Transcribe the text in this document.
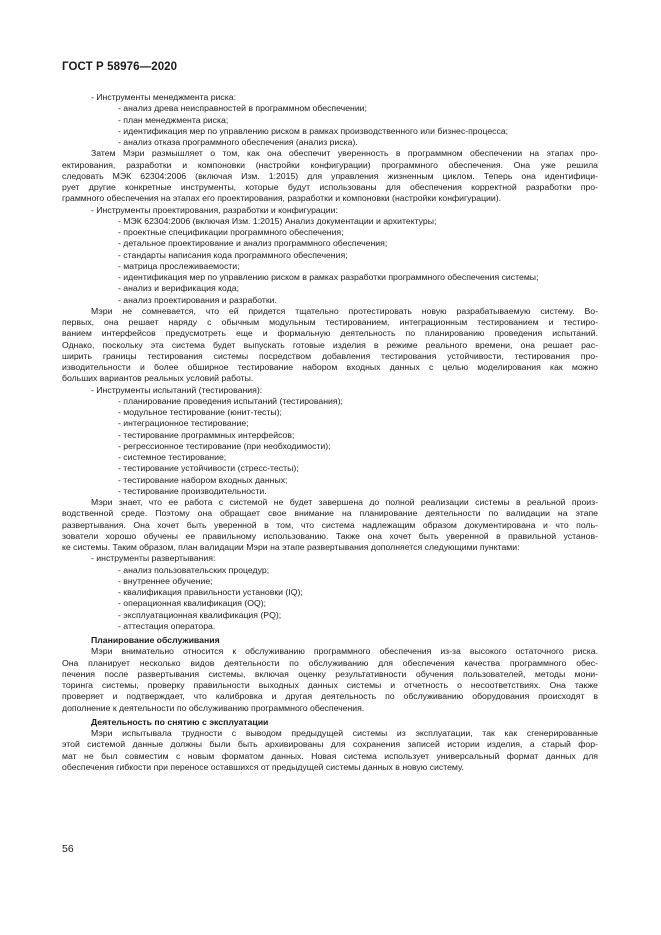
ГОСТ Р 58976—2020
- Инструменты менеджмента риска:
- анализ древа неисправностей в программном обеспечении;
- план менеджмента риска;
- идентификация мер по управлению риском в рамках производственного или бизнес-процесса;
- анализ отказа программного обеспечения (анализ риска).
Затем Мэри размышляет о том, как она обеспечит уверенность в программном обеспечении на этапах про-
ектирования, разработки и компоновки (настройки конфигурации) программного обеспечения. Она уже решила
следовать МЭК 62304:2006 (включая Изм. 1:2015) для управления жизненным циклом. Теперь она идентифици-
рует другие конкретные инструменты, которые будут использованы для обеспечения корректной разработки про-
граммного обеспечения на этапах его проектирования, разработки и компоновки (настройки конфигурации).
- Инструменты проектирования, разработки и конфигурации:
- МЭК 62304:2006 (включая Изм. 1:2015) Анализ документации и архитектуры;
- проектные спецификации программного обеспечения;
- детальное проектирование и анализ программного обеспечения;
- стандарты написания кода программного обеспечения;
- матрица прослеживаемости;
- идентификация мер по управлению риском в рамках разработки программного обеспечения системы;
- анализ и верификация кода;
- анализ проектирования и разработки.
Мэри не сомневается, что ей придется тщательно протестировать новую разрабатываемую систему. Во-
первых, она решает наряду с обычным модульным тестированием, интеграционным тестированием и тестиро-
ванием интерфейсов предусмотреть еще и формальную деятельность по планированию проведения испытаний.
Однако, поскольку эта система будет выпускать готовые изделия в режиме реального времени, она решает рас-
ширить границы тестирования системы посредством добавления тестирования устойчивости, тестирования про-
изводительности и более обширное тестирование набором входных данных с целью моделирования как можно
больших вариантов реальных условий работы.
- Инструменты испытаний (тестирования):
- планирование проведения испытаний (тестирования);
- модульное тестирование (юнит-тесты);
- интеграционное тестирование;
- тестирование программных интерфейсов;
- регрессионное тестирование (при необходимости);
- системное тестирование;
- тестирование устойчивости (стресс-тесты);
- тестирование набором входных данных;
- тестирование производительности.
Мэри знает, что ее работа с системой не будет завершена до полной реализации системы в реальной произ-
водственной среде. Поэтому она обращает свое внимание на планирование деятельности по валидации на этапе
развертывания. Она хочет быть уверенной в том, что система надлежащим образом документирована и что поль-
зователи хорошо обучены ее правильному использованию. Также она хочет быть уверенной в правильной установ-
ке системы. Таким образом, план валидации Мэри на этапе развертывания дополняется следующими пунктами:
- инструменты развертывания:
- анализ пользовательских процедур;
- внутреннее обучение;
- квалификация правильности установки (IQ);
- операционная квалификация (OQ);
- эксплуатационная квалификация (PQ);
- аттестация оператора.
Планирование обслуживания
Мэри внимательно относится к обслуживанию программного обеспечения из-за высокого остаточного риска.
Она планирует несколько видов деятельности по обслуживанию для обеспечения качества программного обес-
печения после развертывания системы, включая оценку результативности обучения пользователей, методы мони-
торинга системы, проверку правильности выходных данных системы и отчетность о несоответствиях. Она также
проверяет и подтверждает, что калибровка и другая деятельность по обслуживанию оборудования происходят в
дополнение к деятельности по обслуживанию программного обеспечения.
Деятельность по снятию с эксплуатации
Мэри испытывала трудности с выводом предыдущей системы из эксплуатации, так как сгенерированные
этой системой данные должны были быть архивированы для сохранения записей истории изделия, а старый фор-
мат не был совместим с новым форматом данных. Новая система использует универсальный формат данных для
обеспечения гибкости при переносе оставшихся от предыдущей системы данных в новую систему.
56
